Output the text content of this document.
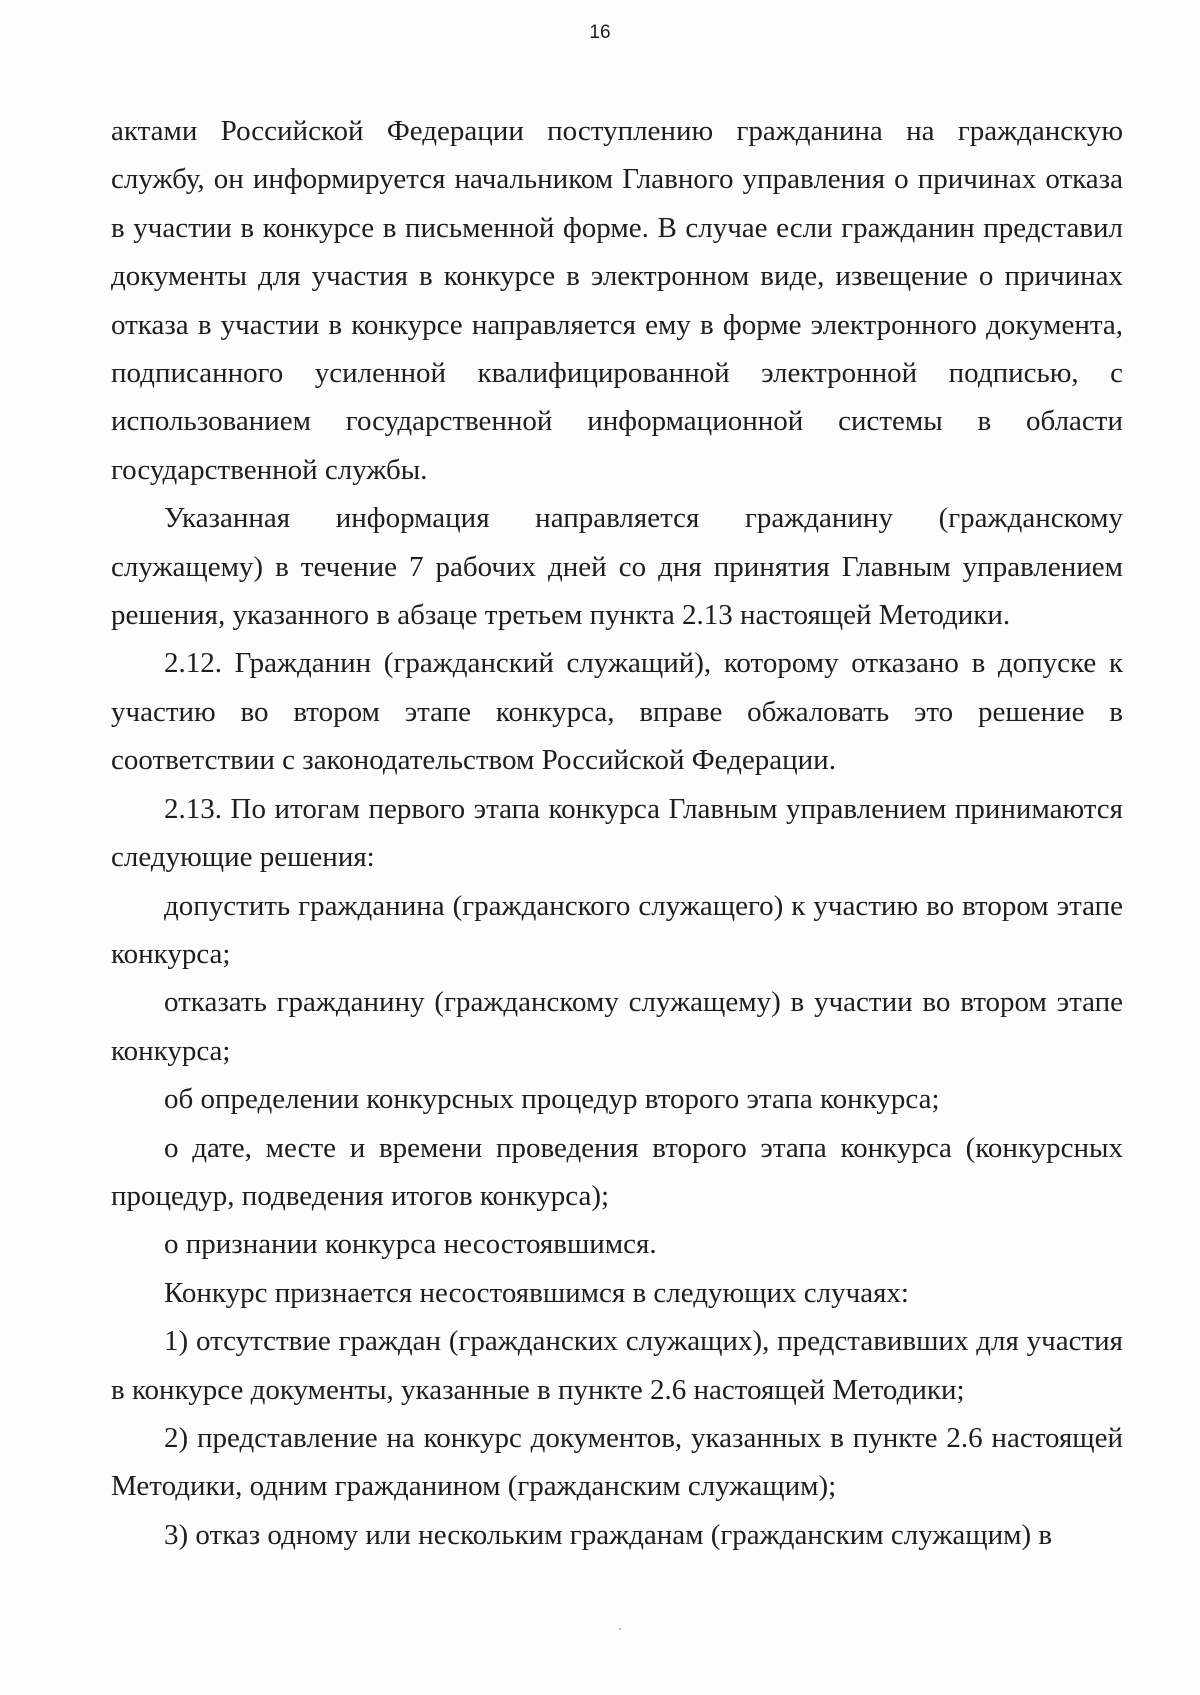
16

актами Российской Федерации поступлению гражданина на гражданскую службу, он информируется начальником Главного управления о причинах отказа в участии в конкурсе в письменной форме. В случае если гражданин представил документы для участия в конкурсе в электронном виде, извещение о причинах отказа в участии в конкурсе направляется ему в форме электронного документа, подписанного усиленной квалифицированной электронной подписью, с использованием государственной информационной системы в области государственной службы.

Указанная информация направляется гражданину (гражданскому служащему) в течение 7 рабочих дней со дня принятия Главным управлением решения, указанного в абзаце третьем пункта 2.13 настоящей Методики.

2.12. Гражданин (гражданский служащий), которому отказано в допуске к участию во втором этапе конкурса, вправе обжаловать это решение в соответствии с законодательством Российской Федерации.

2.13. По итогам первого этапа конкурса Главным управлением принимаются следующие решения:

допустить гражданина (гражданского служащего) к участию во втором этапе конкурса;

отказать гражданину (гражданскому служащему) в участии во втором этапе конкурса;

об определении конкурсных процедур второго этапа конкурса;

о дате, месте и времени проведения второго этапа конкурса (конкурсных процедур, подведения итогов конкурса);

о признании конкурса несостоявшимся.

Конкурс признается несостоявшимся в следующих случаях:

1) отсутствие граждан (гражданских служащих), представивших для участия в конкурсе документы, указанные в пункте 2.6 настоящей Методики;

2) представление на конкурс документов, указанных в пункте 2.6 настоящей Методики, одним гражданином (гражданским служащим);

3) отказ одному или нескольким гражданам (гражданским служащим) в
